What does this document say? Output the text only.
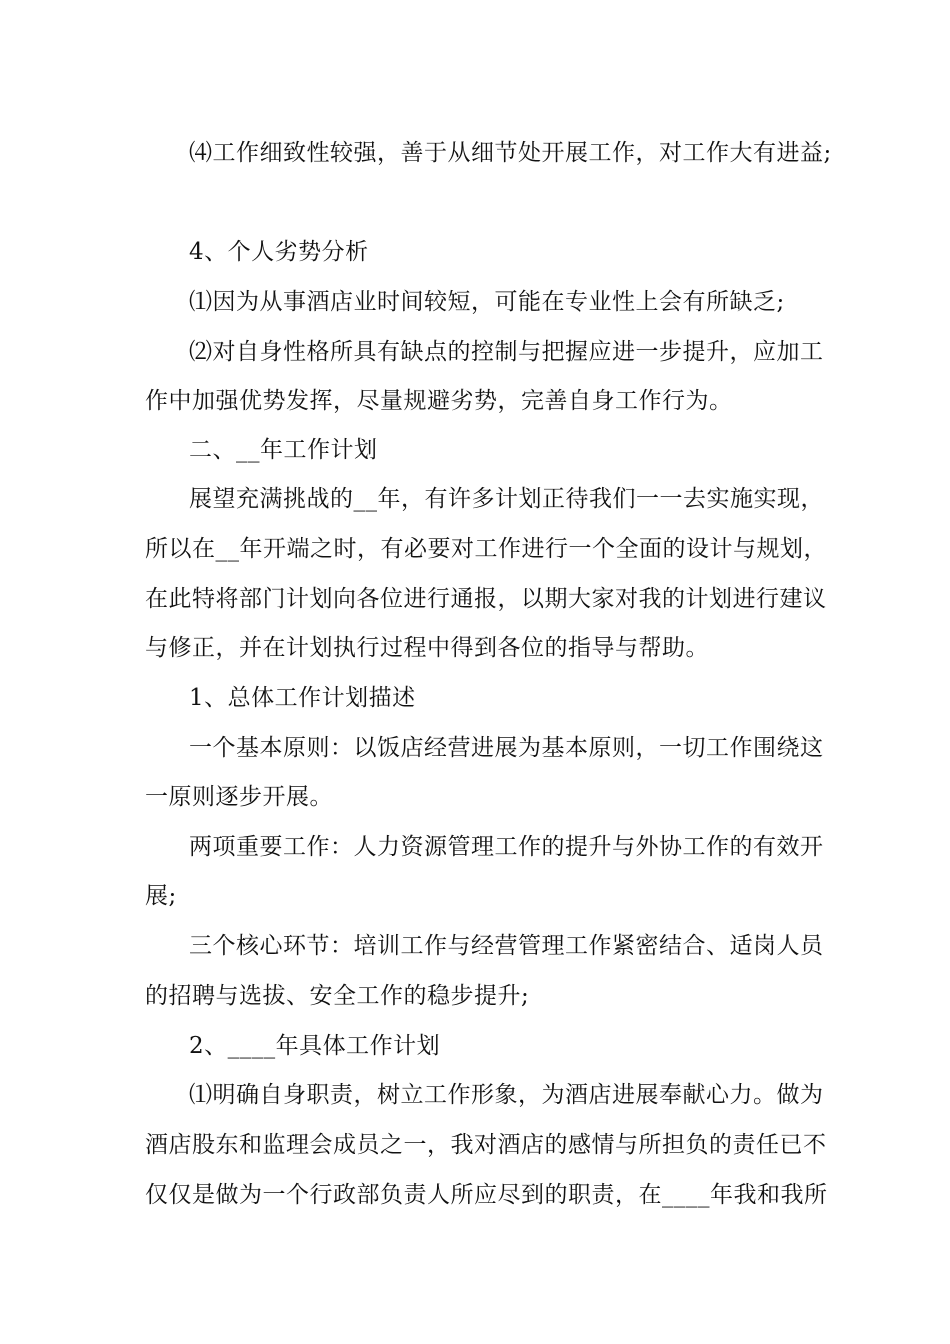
⑷工作细致性较强，善于从细节处开展工作，对工作大有进益;
4、个人劣势分析
⑴因为从事酒店业时间较短，可能在专业性上会有所缺乏;
⑵对自身性格所具有缺点的控制与把握应进一步提升，应加工
作中加强优势发挥，尽量规避劣势，完善自身工作行为。
二、__年工作计划
展望充满挑战的__年，有许多计划正待我们一一去实施实现，
所以在__年开端之时，有必要对工作进行一个全面的设计与规划，
在此特将部门计划向各位进行通报，以期大家对我的计划进行建议
与修正，并在计划执行过程中得到各位的指导与帮助。
1、总体工作计划描述
一个基本原则：以饭店经营进展为基本原则，一切工作围绕这
一原则逐步开展。
两项重要工作：人力资源管理工作的提升与外协工作的有效开
展;
三个核心环节：培训工作与经营管理工作紧密结合、适岗人员
的招聘与选拔、安全工作的稳步提升;
2、____年具体工作计划
⑴明确自身职责，树立工作形象，为酒店进展奉献心力。做为
酒店股东和监理会成员之一，我对酒店的感情与所担负的责任已不
仅仅是做为一个行政部负责人所应尽到的职责，在____年我和我所
